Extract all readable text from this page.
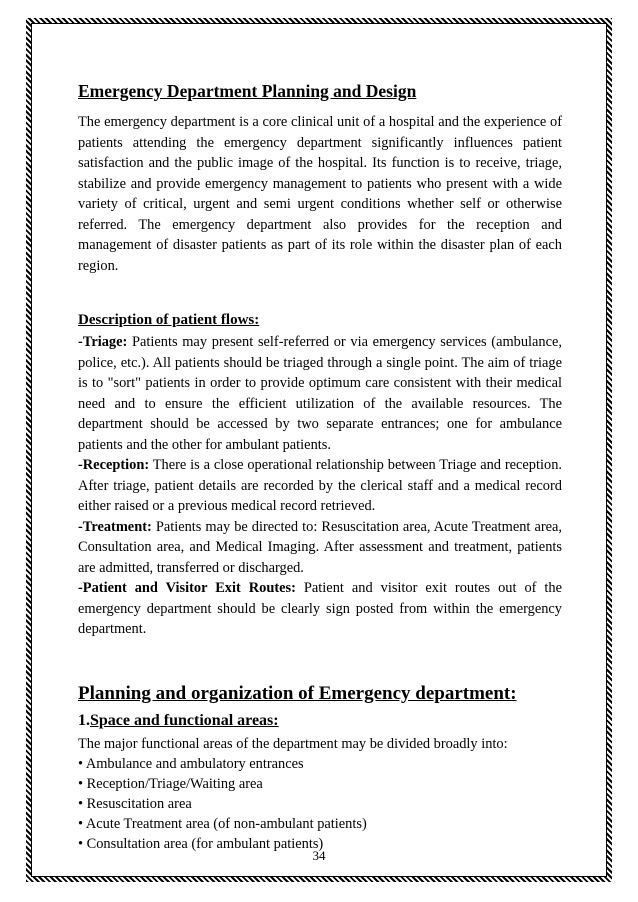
Emergency Department Planning and Design

The emergency department is a core clinical unit of a hospital and the experience of patients attending the emergency department significantly influences patient satisfaction and the public image of the hospital. Its function is to receive, triage, stabilize and provide emergency management to patients who present with a wide variety of critical, urgent and semi urgent conditions whether self or otherwise referred. The emergency department also provides for the reception and management of disaster patients as part of its role within the disaster plan of each region.

Description of patient flows:

-Triage: Patients may present self-referred or via emergency services (ambulance, police, etc.). All patients should be triaged through a single point. The aim of triage is to "sort" patients in order to provide optimum care consistent with their medical need and to ensure the efficient utilization of the available resources. The department should be accessed by two separate entrances; one for ambulance patients and the other for ambulant patients.

-Reception: There is a close operational relationship between Triage and reception. After triage, patient details are recorded by the clerical staff and a medical record either raised or a previous medical record retrieved.

-Treatment: Patients may be directed to: Resuscitation area, Acute Treatment area, Consultation area, and Medical Imaging. After assessment and treatment, patients are admitted, transferred or discharged.

-Patient and Visitor Exit Routes: Patient and visitor exit routes out of the emergency department should be clearly sign posted from within the emergency department.

Planning and organization of Emergency department:
1.Space and functional areas:

The major functional areas of the department may be divided broadly into:

• Ambulance and ambulatory entrances
• Reception/Triage/Waiting area
• Resuscitation area
• Acute Treatment area (of non-ambulant patients)
• Consultation area (for ambulant patients)
34
